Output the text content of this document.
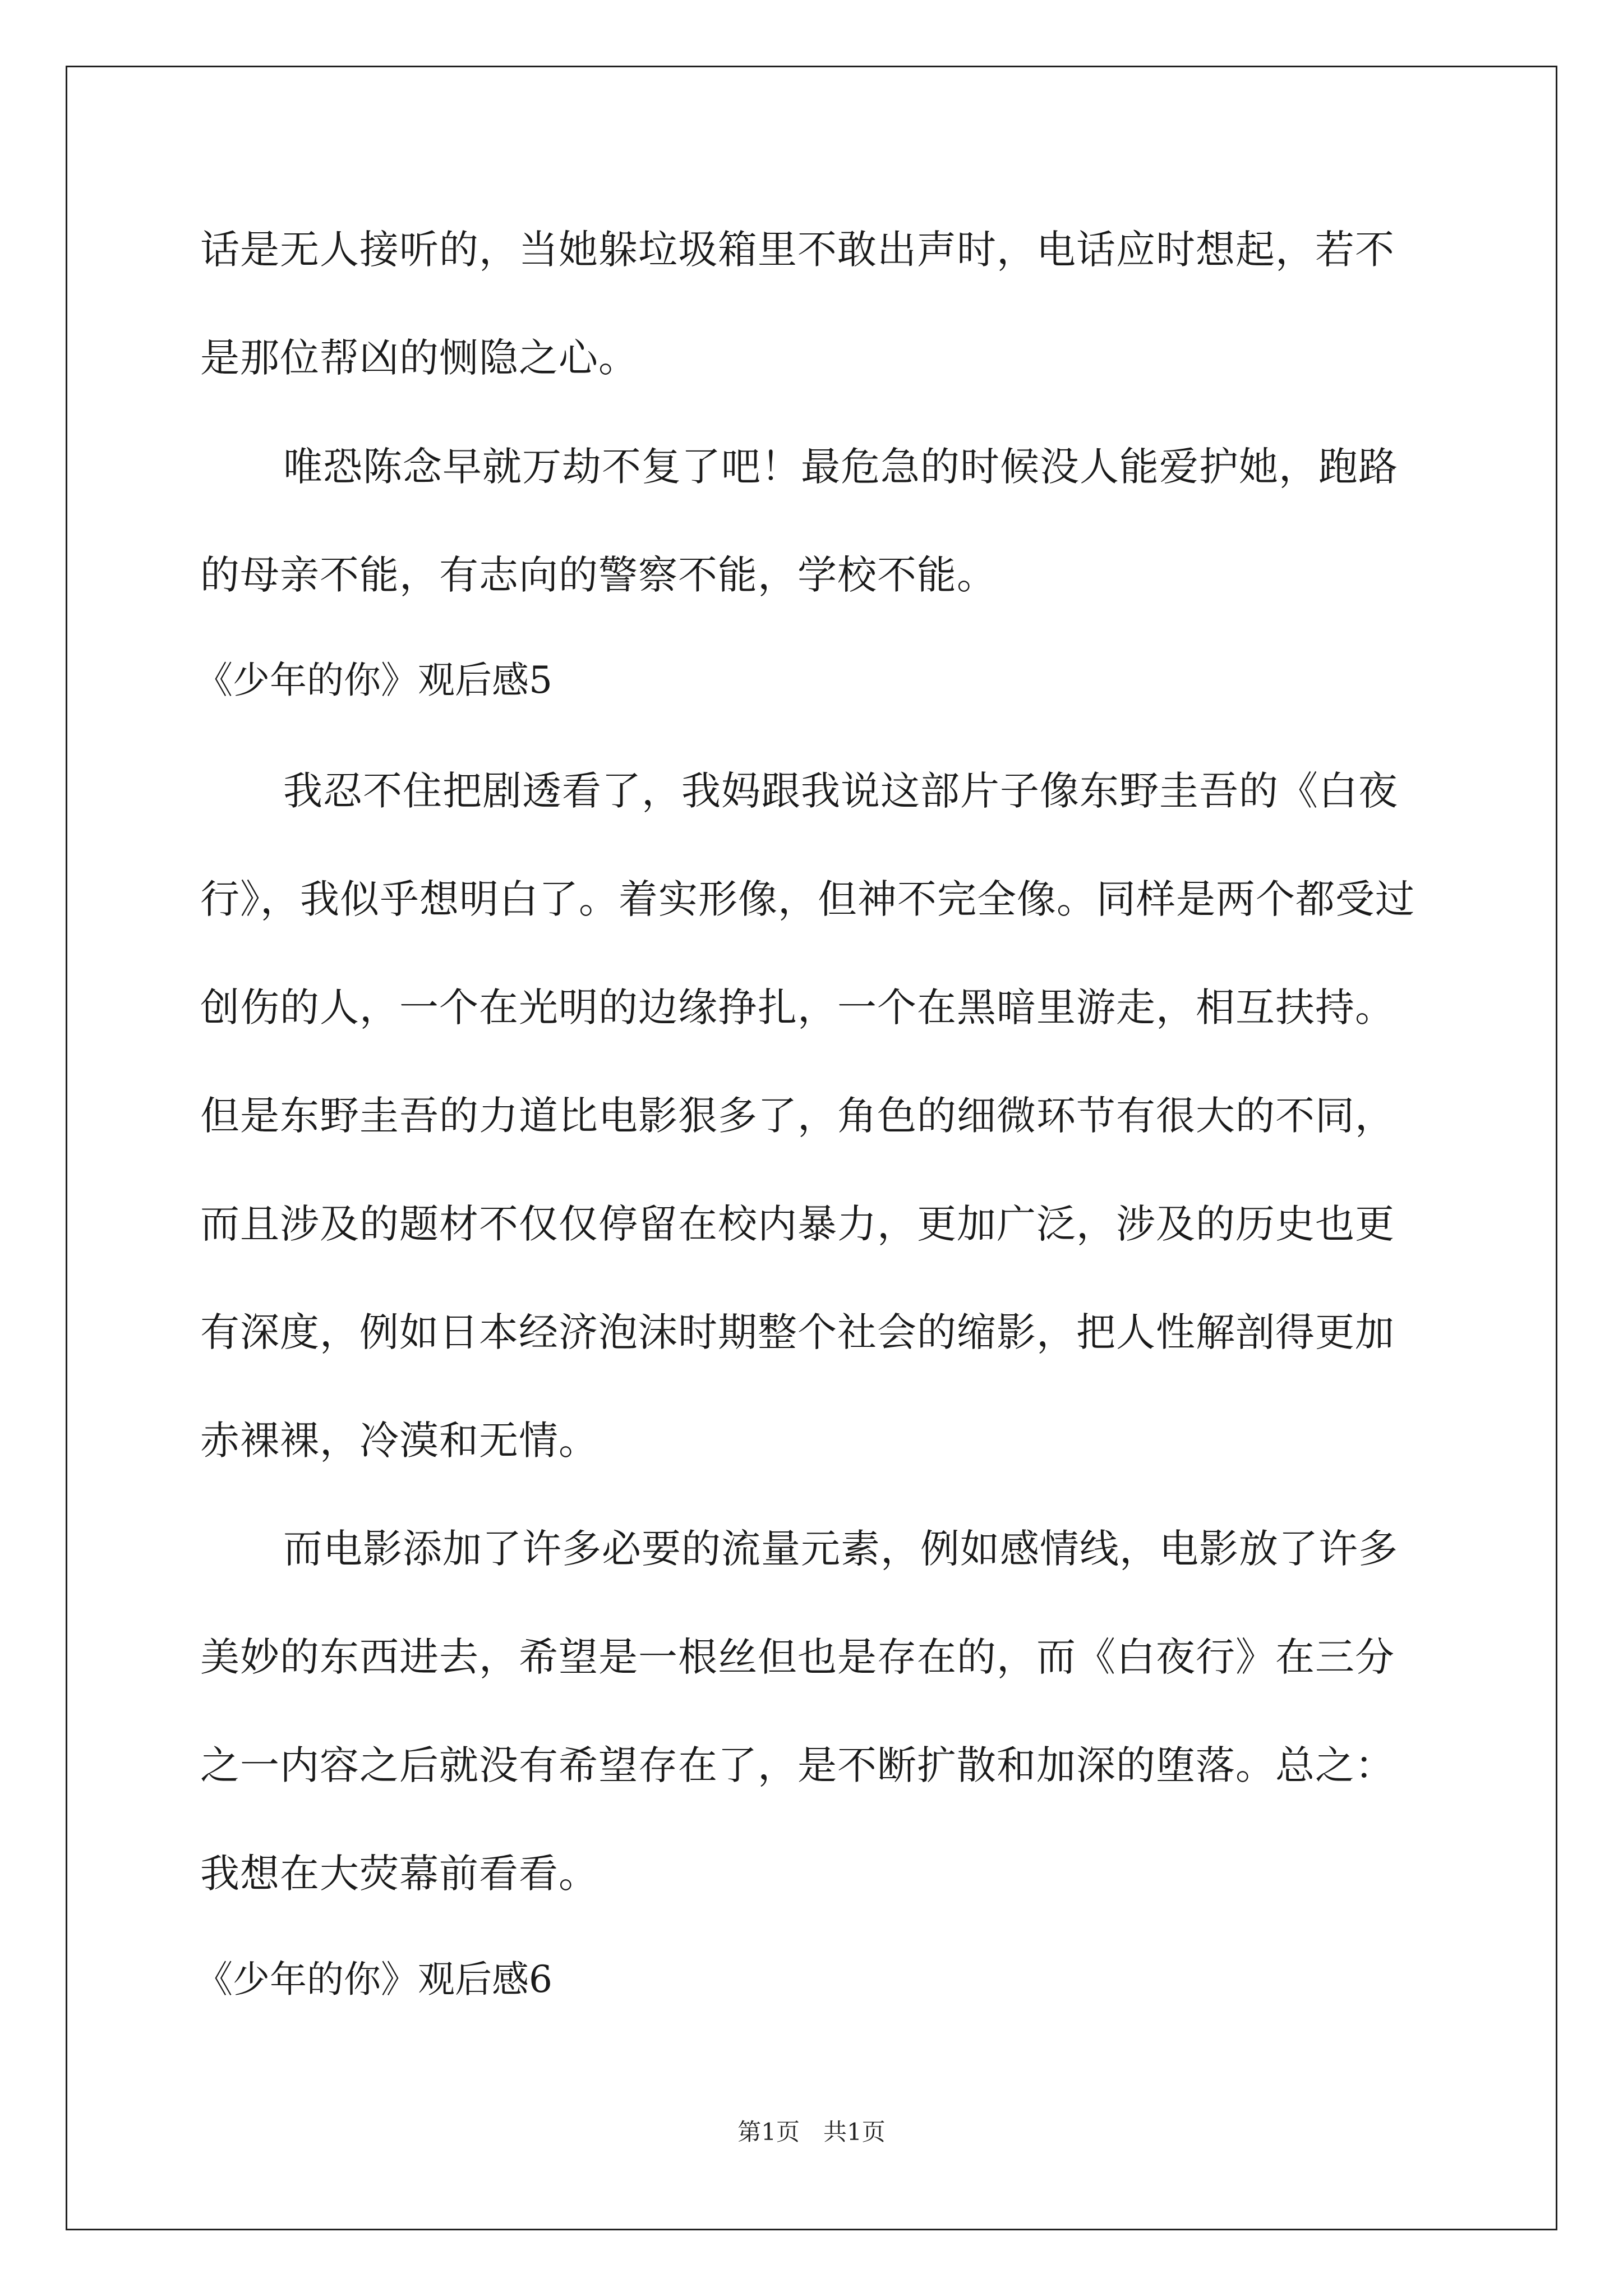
话是无人接听的，当她躲垃圾箱里不敢出声时，电话应时想起，若不
是那位帮凶的恻隐之心。
唯恐陈念早就万劫不复了吧！最危急的时候没人能爱护她，跑路
的母亲不能，有志向的警察不能，学校不能。
《少年的你》观后感5
我忍不住把剧透看了，我妈跟我说这部片子像东野圭吾的《白夜
行》，我似乎想明白了。着实形像，但神不完全像。同样是两个都受过
创伤的人，一个在光明的边缘挣扎，一个在黑暗里游走，相互扶持。
但是东野圭吾的力道比电影狠多了，角色的细微环节有很大的不同，
而且涉及的题材不仅仅停留在校内暴力，更加广泛，涉及的历史也更
有深度，例如日本经济泡沫时期整个社会的缩影，把人性解剖得更加
赤裸裸，冷漠和无情。
而电影添加了许多必要的流量元素，例如感情线，电影放了许多
美妙的东西进去，希望是一根丝但也是存在的，而《白夜行》在三分
之一内容之后就没有希望存在了，是不断扩散和加深的堕落。总之：
我想在大荧幕前看看。
《少年的你》观后感6
第1页　共1页
